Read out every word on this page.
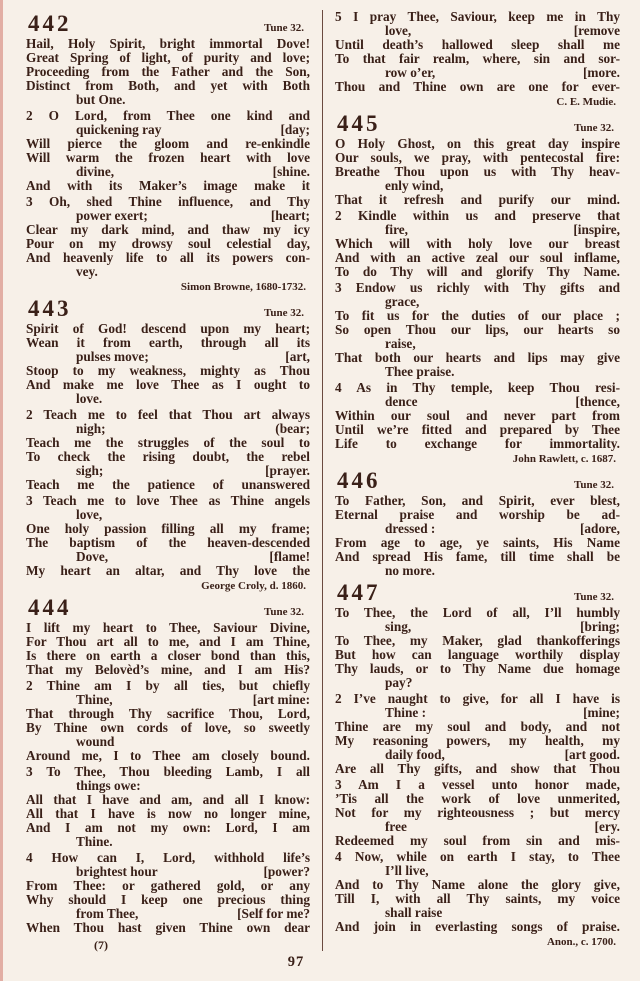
442	Tune 32.
Hail, Holy Spirit, bright immortal Dove!
Great Spring of light, of purity and love;
Proceeding from the Father and the Son,
Distinct from Both, and yet with Both
but One.
2 O Lord, from Thee one kind and
quickening ray	[day;
Will pierce the gloom and re-enkindle
Will warm the frozen heart with love
divine,	[shine.
And with its Maker’s image make it
3 Oh, shed Thine influence, and Thy
power exert;	[heart;
Clear my dark mind, and thaw my icy
Pour on my drowsy soul celestial day,
And heavenly life to all its powers con-
vey.
Simon Browne, 1680-1732.
443	Tune 32.
Spirit of God! descend upon my heart;
Wean it from earth, through all its
pulses move;	[art,
Stoop to my weakness, mighty as Thou
And make me love Thee as I ought to
love.
2 Teach me to feel that Thou art always
nigh;	(bear;
Teach me the struggles of the soul to
To check the rising doubt, the rebel
sigh;	[prayer.
Teach me the patience of unanswered
3 Teach me to love Thee as Thine angels
love,
One holy passion filling all my frame;
The baptism of the heaven-descended
Dove,	[flame!
My heart an altar, and Thy love the
George Croly, d. 1860.
444	Tune 32.
I lift my heart to Thee, Saviour Divine,
For Thou art all to me, and I am Thine,
Is there on earth a closer bond than this,
That my Belovèd’s mine, and I am His?
2 Thine am I by all ties, but chiefly
Thine,	[art mine:
That through Thy sacrifice Thou, Lord,
By Thine own cords of love, so sweetly
wound
Around me, I to Thee am closely bound.
3 To Thee, Thou bleeding Lamb, I all
things owe:
All that I have and am, and all I know:
All that I have is now no longer mine,
And I am not my own: Lord, I am
Thine.
4 How can I, Lord, withhold life’s
brightest hour	[power?
From Thee: or gathered gold, or any
Why should I keep one precious thing
from Thee,	[Self for me?
When Thou hast given Thine own dear
5 I pray Thee, Saviour, keep me in Thy
love,	[remove
Until death’s hallowed sleep shall me
To that fair realm, where, sin and sor-
row o’er,	[more.
Thou and Thine own are one for ever-
C. E. Mudie.
445	Tune 32.
O Holy Ghost, on this great day inspire
Our souls, we pray, with pentecostal fire:
Breathe Thou upon us with Thy heav-
enly wind,
That it refresh and purify our mind.
2 Kindle within us and preserve that
fire,	[inspire,
Which will with holy love our breast
And with an active zeal our soul inflame,
To do Thy will and glorify Thy Name.
3 Endow us richly with Thy gifts and
grace,
To fit us for the duties of our place ;
So open Thou our lips, our hearts so
raise,
That both our hearts and lips may give
Thee praise.
4 As in Thy temple, keep Thou resi-
dence	[thence,
Within our soul and never part from
Until we’re fitted and prepared by Thee
Life to exchange for immortality.
John Rawlett, c. 1687.
446	Tune 32.
To Father, Son, and Spirit, ever blest,
Eternal praise and worship be ad-
dressed :	[adore,
From age to age, ye saints, His Name
And spread His fame, till time shall be
no more.
447	Tune 32.
To Thee, the Lord of all, I’ll humbly
sing,	[bring;
To Thee, my Maker, glad thankofferings
But how can language worthily display
Thy lauds, or to Thy Name due homage
pay?
2 I’ve naught to give, for all I have is
Thine :	[mine;
Thine are my soul and body, and not
My reasoning powers, my health, my
daily food,	[art good.
Are all Thy gifts, and show that Thou
3 Am I a vessel unto honor made,
’Tis all the work of love unmerited,
Not for my righteousness ; but mercy
free	[ery.
Redeemed my soul from sin and mis-
4 Now, while on earth I stay, to Thee
I’ll live,
And to Thy Name alone the glory give,
Till I, with all Thy saints, my voice
shall raise
And join in everlasting songs of praise.
Anon., c. 1700.
(7)
97
